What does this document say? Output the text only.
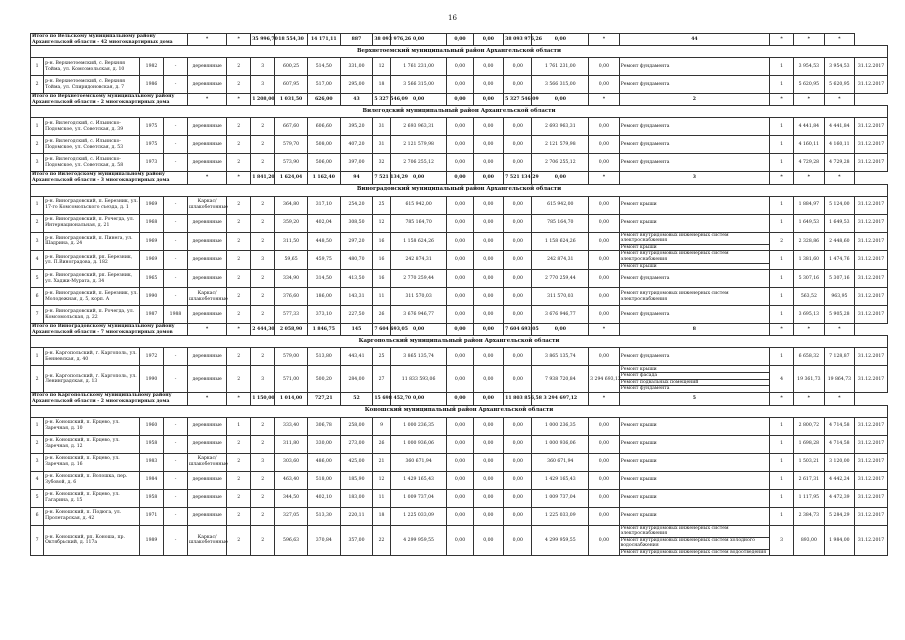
16
Итого по Вельскому муниципальному району Архангельской области - 42 многоквартирных дома				*	*	35 996,70	18 554,30	14 171,11	887	38 093 976,26	0,00	0,00	0,00	38 093 976,26	0,00	*	44	*	*	*	
Верхнетоемский муниципальный район Архангельской области																					
1	р-н. Верхнетоемский, с. Верхняя Тойма, ул. Комсомольская, д. 10	1982	-	деревянные	2	3	600,25	514,50	331,00	12	1 761 231,00	0,00	0,00	0,00	1 761 231,00	0,00	Ремонт фундамента	1	3 954,53	3 954,53	31.12.2017
2	р-н. Верхнетоемский, с. Верхняя Тойма, ул. Спиридоновская, д. 7	1986	-	деревянные	2	3	607,95	517,00	295,00	18	3 566 315,00	0,00	0,00	0,00	3 566 315,00	0,00	Ремонт фундамента	1	5 620,95	5 620,95	31.12.2017
Итого по Верхнетоемскому муниципальному району Архангельской области - 2 многоквартирных дома				*	*	1 208,00	1 031,50	626,00	43	5 327 546,09	0,00	0,00	0,00	5 327 546,09	0,00	*	2	*	*	*	
Вилегодский муниципальный район Архангельской области																					
1	р-н. Вилегодский, с. Ильинско-Подомское, ул. Советская, д. 39	1975	-	деревянные	2	2	667,60	606,60	395,20	31	2 693 963,31	0,00	0,00	0,00	2 693 963,31	0,00	Ремонт фундамента	1	4 441,84	4 441,84	31.12.2017
2	р-н. Вилегодский, с. Ильинско-Подомское, ул. Советская, д. 53	1975	-	деревянные	2	2	579,70	508,00	407,20	31	2 121 579,98	0,00	0,00	0,00	2 121 579,98	0,00	Ремонт фундамента	1	4 160,11	4 160,11	31.12.2017
3	р-н. Вилегодский, с. Ильинско-Подомское, ул. Советская, д. 58	1973	-	деревянные	2	2	573,90	506,00	397,00	32	2 706 255,12	0,00	0,00	0,00	2 706 255,12	0,00	Ремонт фундамента	1	4 729,28	4 729,28	31.12.2017
Итого по Вилегодскому муниципальному району Архангельской области - 3 многоквартирных дома				*	*	1 841,20	1 624,04	1 162,40	94	7 521 134,29	0,00	0,00	0,00	7 521 134,29	0,00	*	3	*	*	*	
Виноградовский муниципальный район Архангельской области																					
1	р-н. Виноградовский, п. Березник, ул. 17-го Комсомольского съезда, д. 1	1969	-	Каркас/ шлакобетонные	2	2	364,80	317,10	254,20	25	615 942,00	0,00	0,00	0,00	615 942,00	0,00	Ремонт крыши	1	1 884,97	5 124,00	31.12.2017
2	р-н. Виноградовский, п. Рочегда, ул. Интернациональная, д. 21	1968	-	деревянные	2	2	359,20	402,04	308,50	12	785 164,70	0,00	0,00	0,00	785 164,70	0,00	Ремонт крыши	1	1 649,53	1 649,53	31.12.2017
3	р-н. Виноградовский, п. Пинега, ул. Шадрина, д. 24	1969	-	деревянные	2	2	311,50	448,50	297,20	16	1 158 624,26	0,00	0,00	0,00	1 158 624,26	0,00	Ремонт внутридомовых инженерных систем электроснабжения
Ремонт крыши	2	2 328,86	2 448,60	31.12.2017
4	р-н. Виноградовский, рп. Березник, ул. П.Виноградова, д. 182	1969	-	деревянные	2	3	59,65	459,75	480,70	16	242 874,31	0,00	0,00	0,00	242 874,31	0,00	Ремонт внутридомовых инженерных систем электроснабжения
Ремонт крыши	1	1 381,60	1 474,76	31.12.2017
5	р-н. Виноградовский, рп. Березник, ул. Хаджи-Мурата, д. 34	1965	-	деревянные	2	2	334,90	314,50	413,50	16	2 770 259,44	0,00	0,00	0,00	2 770 259,44	0,00	Ремонт фундамента	1	5 307,16	5 307,16	31.12.2017
6	р-н. Виноградовский, п. Березник, ул. Молодежная, д. 5, корп. А	1990	-	Каркас/ шлакобетонные	2	2	376,60	186,00	143,31	11	311 570,03	0,00	0,00	0,00	311 570,03	0,00	Ремонт внутридомовых инженерных систем электроснабжения	1	563,52	963,95	31.12.2017
7	р-н. Виноградовский, п. Рочегда, ул. Комсомольская, д. 22	1987	1988	деревянные	2	2	577,33	373,10	227,50	26	3 676 946,77	0,00	0,00	0,00	3 676 946,77	0,00	Ремонт фундамента	1	3 695,13	5 905,28	31.12.2017
Итого по Виноградовскому муниципальному району Архангельской области - 7 многоквартирных домов				*	*	2 444,30	2 058,90	1 846,75	145	7 604 693,05	0,00	0,00	0,00	7 604 693,05	0,00	*	8	*	*	*	
Каргопольский муниципальный район Архангельской области																					
1	р-н. Каргопольский, г. Каргополь, ул. Бенневская, д. 40	1972	-	деревянные	2	2	579,00	513,80	443,41	25	3 865 135,74	0,00	0,00	0,00	3 865 135,74	0,00	Ремонт фундамента	1	6 658,32	7 128,87	31.12.2017
2	р-н. Каргопольский, г. Каргополь, ул. Ленинградская, д. 13	1990	-	деревянные	2	3	571,00	500,20	284,00	27	11 833 593,06	0,00	0,00	0,00	7 938 720,84	3 294 693,12	Ремонт крыши
Ремонт фасада
Ремонт подвальных помещений
Ремонт фундамента	4	19 361,73	19 864,73	31.12.2017
Итого по Каргопольскому муниципальному району Архангельской области - 2 многоквартирных дома				*	*	1 150,00	1 014,00	727,21	52	15 698 452,70	0,00	0,00	0,00	11 803 856,58	3 294 697,12	*	5	*	*	*	
Коношский муниципальный район Архангельской области																					
1	р-н. Коношский, п. Ерцево, ул. Заречная, д. 10	1960	-	деревянные	1	2	333,40	306,78	258,00	9	1 000 236,35	0,00	0,00	0,00	1 000 236,35	0,00	Ремонт крыши	1	2 800,72	4 714,58	31.12.2017
2	р-н. Коношский, п. Ерцево, ул. Заречная, д. 12	1958	-	деревянные	2	2	311,80	330,00	273,00	26	1 000 936,06	0,00	0,00	0,00	1 000 936,06	0,00	Ремонт крыши	1	1 698,28	4 714,58	31.12.2017
3	р-н. Коношский, п. Ерцево, ул. Заречная, д. 16	1983	-	Каркас/ шлакобетонные	2	3	303,60	486,00	425,00	21	360 671,94	0,00	0,00	0,00	360 671,94	0,00	Ремонт крыши	1	1 503,21	3 120,00	31.12.2017
4	р-н. Коношский, п. Волошка, пер. Зубовой, д. 6	1984	-	деревянные	2	2	463,40	518,00	185,90	12	1 429 165,43	0,00	0,00	0,00	1 429 165,43	0,00	Ремонт крыши	1	2 617,31	4 442,24	31.12.2017
5	р-н. Коношский, п. Ерцево, ул. Гагарина, д. 15	1958	-	деревянные	2	2	344,50	402,10	183,00	11	1 009 737,04	0,00	0,00	0,00	1 009 737,04	0,00	Ремонт крыши	1	1 117,95	4 472,39	31.12.2017
6	р-н. Коношский, п. Подюга, ул. Пролетарская, д. 42	1971	-	деревянные	2	2	327,05	513,30	220,11	18	1 225 033,09	0,00	0,00	0,00	1 225 033,09	0,00	Ремонт крыши	1	2 384,73	5 284,29	31.12.2017
7	р-н. Коношский, рп. Коноша, пр. Октябрьский, д. 117а	1989	-	Каркас/ шлакобетонные	2	2	596,63	370,84	357,00	22	4 299 959,55	0,00	0,00	0,00	4 299 959,55	0,00	Ремонт внутридомовых инженерных систем электроснабжения
Ремонт внутридомовых инженерных систем холодного водоснабжения
Ремонт внутридомовых инженерных систем водоотведения	3	893,00	1 984,00	31.12.2017
